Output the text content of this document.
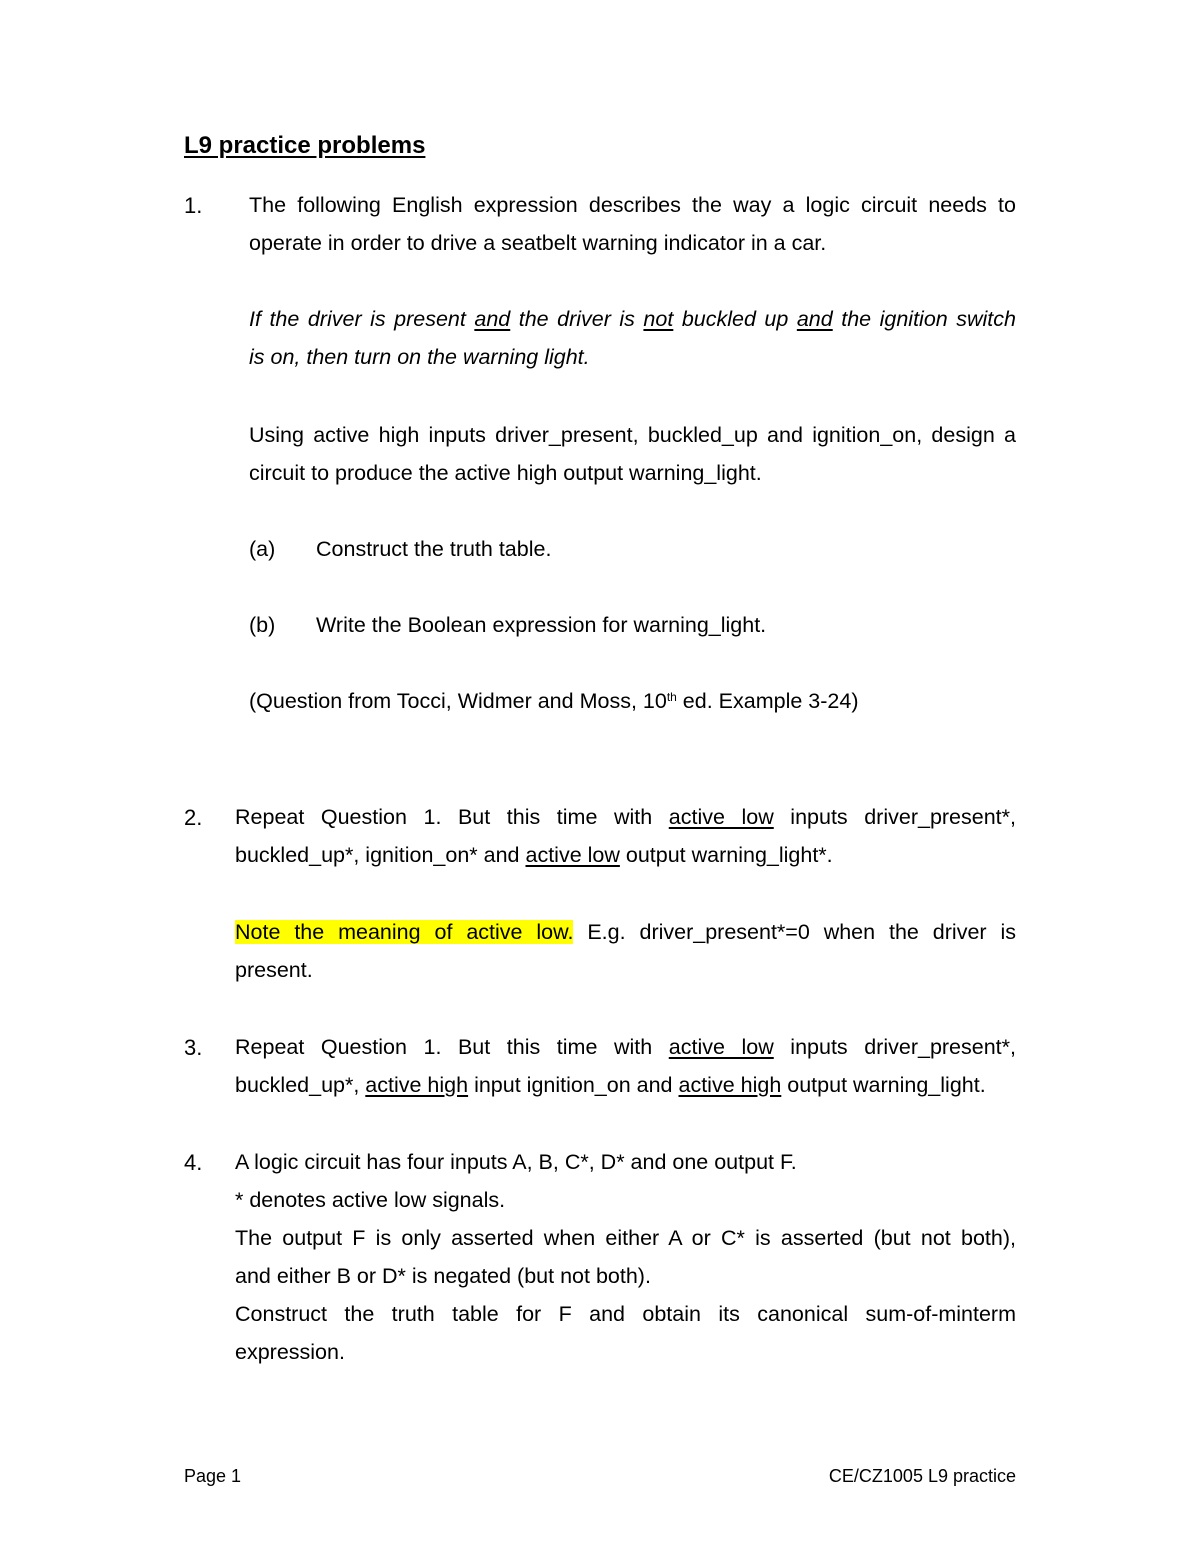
L9 practice problems
1. The following English expression describes the way a logic circuit needs to
operate in order to drive a seatbelt warning indicator in a car.
If the driver is present and the driver is not buckled up and the ignition switch
is on, then turn on the warning light.
Using active high inputs driver_present, buckled_up and ignition_on, design a
circuit to produce the active high output warning_light.
(a) Construct the truth table.
(b) Write the Boolean expression for warning_light.
(Question from Tocci, Widmer and Moss, 10th ed. Example 3-24)
2. Repeat Question 1. But this time with active low inputs driver_present*,
buckled_up*, ignition_on* and active low output warning_light*.
Note the meaning of active low. E.g. driver_present*=0 when the driver is
present.
3. Repeat Question 1. But this time with active low inputs driver_present*,
buckled_up*, active high input ignition_on and active high output warning_light.
4. A logic circuit has four inputs A, B, C*, D* and one output F.
* denotes active low signals.
The output F is only asserted when either A or C* is asserted (but not both),
and either B or D* is negated (but not both).
Construct the truth table for F and obtain its canonical sum-of-minterm
expression.
Page 1	CE/CZ1005 L9 practice
